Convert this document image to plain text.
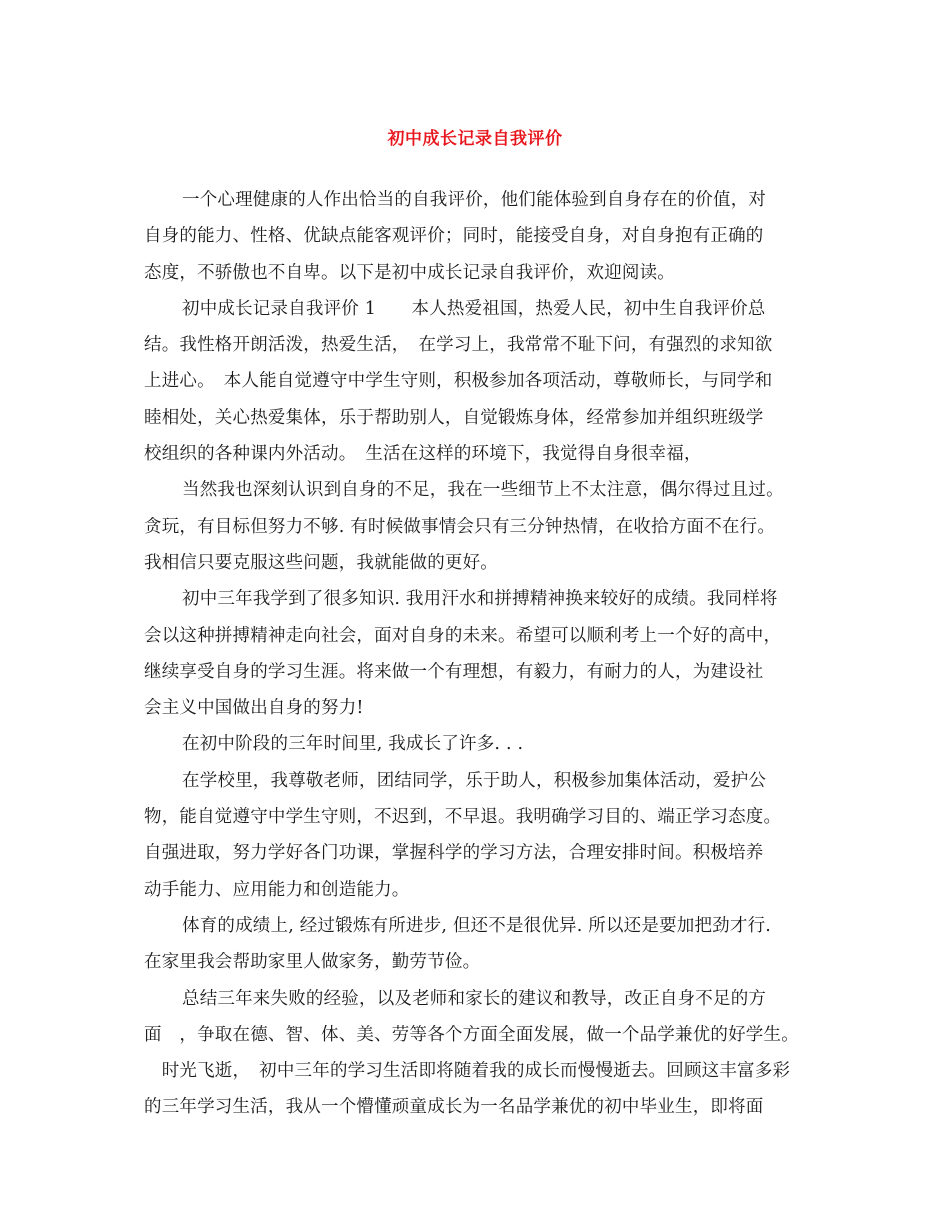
初中成长记录自我评价
一个心理健康的人作出恰当的自我评价，他们能体验到自身存在的价值，对
自身的能力、性格、优缺点能客观评价；同时，能接受自身，对自身抱有正确的
态度，不骄傲也不自卑。以下是初中成长记录自我评价，欢迎阅读。
初中成长记录自我评价 1　　本人热爱祖国，热爱人民，初中生自我评价总
结。我性格开朗活泼，热爱生活，　在学习上，我常常不耻下问，有强烈的求知欲
上进心。　本人能自觉遵守中学生守则，积极参加各项活动，尊敬师长，与同学和
睦相处，关心热爱集体，乐于帮助别人，自觉锻炼身体，经常参加并组织班级学
校组织的各种课内外活动。　生活在这样的环境下，我觉得自身很幸福，
当然我也深刻认识到自身的不足，我在一些细节上不太注意，偶尔得过且过。
贪玩，有目标但努力不够. 有时候做事情会只有三分钟热情，在收拾方面不在行。
我相信只要克服这些问题，我就能做的更好。
初中三年我学到了很多知识. 我用汗水和拼搏精神换来较好的成绩。我同样将
会以这种拼搏精神走向社会，面对自身的未来。希望可以顺利考上一个好的高中，
继续享受自身的学习生涯。将来做一个有理想，有毅力，有耐力的人，为建设社
会主义中国做出自身的努力!
在初中阶段的三年时间里, 我成长了许多. . .
在学校里，我尊敬老师，团结同学，乐于助人，积极参加集体活动，爱护公
物，能自觉遵守中学生守则，不迟到，不早退。我明确学习目的、端正学习态度。
自强进取，努力学好各门功课，掌握科学的学习方法，合理安排时间。积极培养
动手能力、应用能力和创造能力。
体育的成绩上, 经过锻炼有所进步, 但还不是很优异. 所以还是要加把劲才行.
在家里我会帮助家里人做家务，勤劳节俭。
总结三年来失败的经验，以及老师和家长的建议和教导，改正自身不足的方
面　，争取在德、智、体、美、劳等各个方面全面发展，做一个品学兼优的好学生。
　时光飞逝，　初中三年的学习生活即将随着我的成长而慢慢逝去。回顾这丰富多彩
的三年学习生活，我从一个懵懂顽童成长为一名品学兼优的初中毕业生，即将面
